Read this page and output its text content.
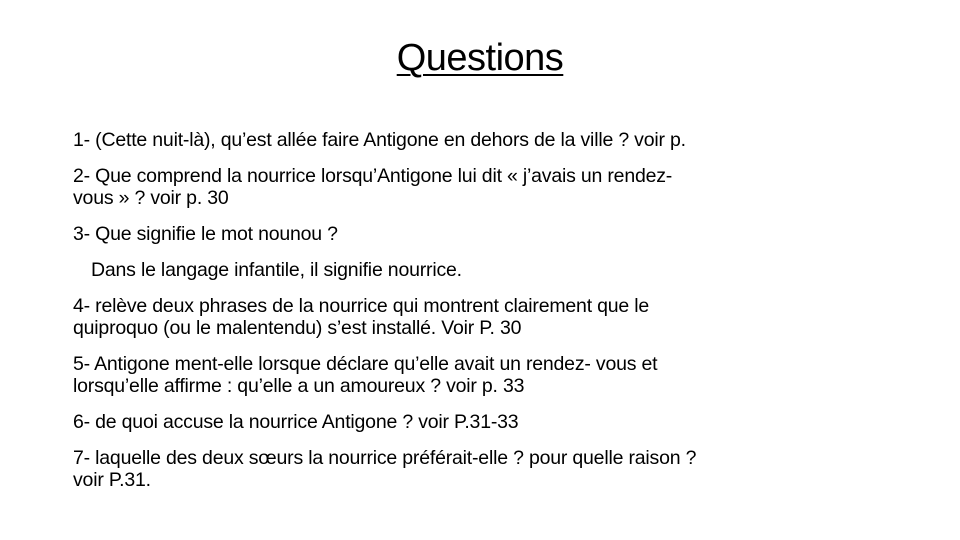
Questions

1- (Cette nuit-là), qu’est allée faire Antigone en dehors de la ville ? voir p.

2- Que comprend la nourrice lorsqu’Antigone lui dit « j’avais un rendez-

vous » ? voir p. 30

3- Que signifie le mot nounou ?

Dans le langage infantile, il signifie nourrice.

4- relève deux phrases de la nourrice qui montrent clairement que le

quiproquo (ou le malentendu) s’est installé. Voir P. 30

5- Antigone ment-elle lorsque déclare qu’elle avait un rendez- vous et

lorsqu’elle affirme : qu’elle a un amoureux ? voir p. 33

6- de quoi accuse la nourrice Antigone ? voir P.31-33

7- laquelle des deux sœurs la nourrice préférait-elle ? pour quelle raison ?

voir P.31.
